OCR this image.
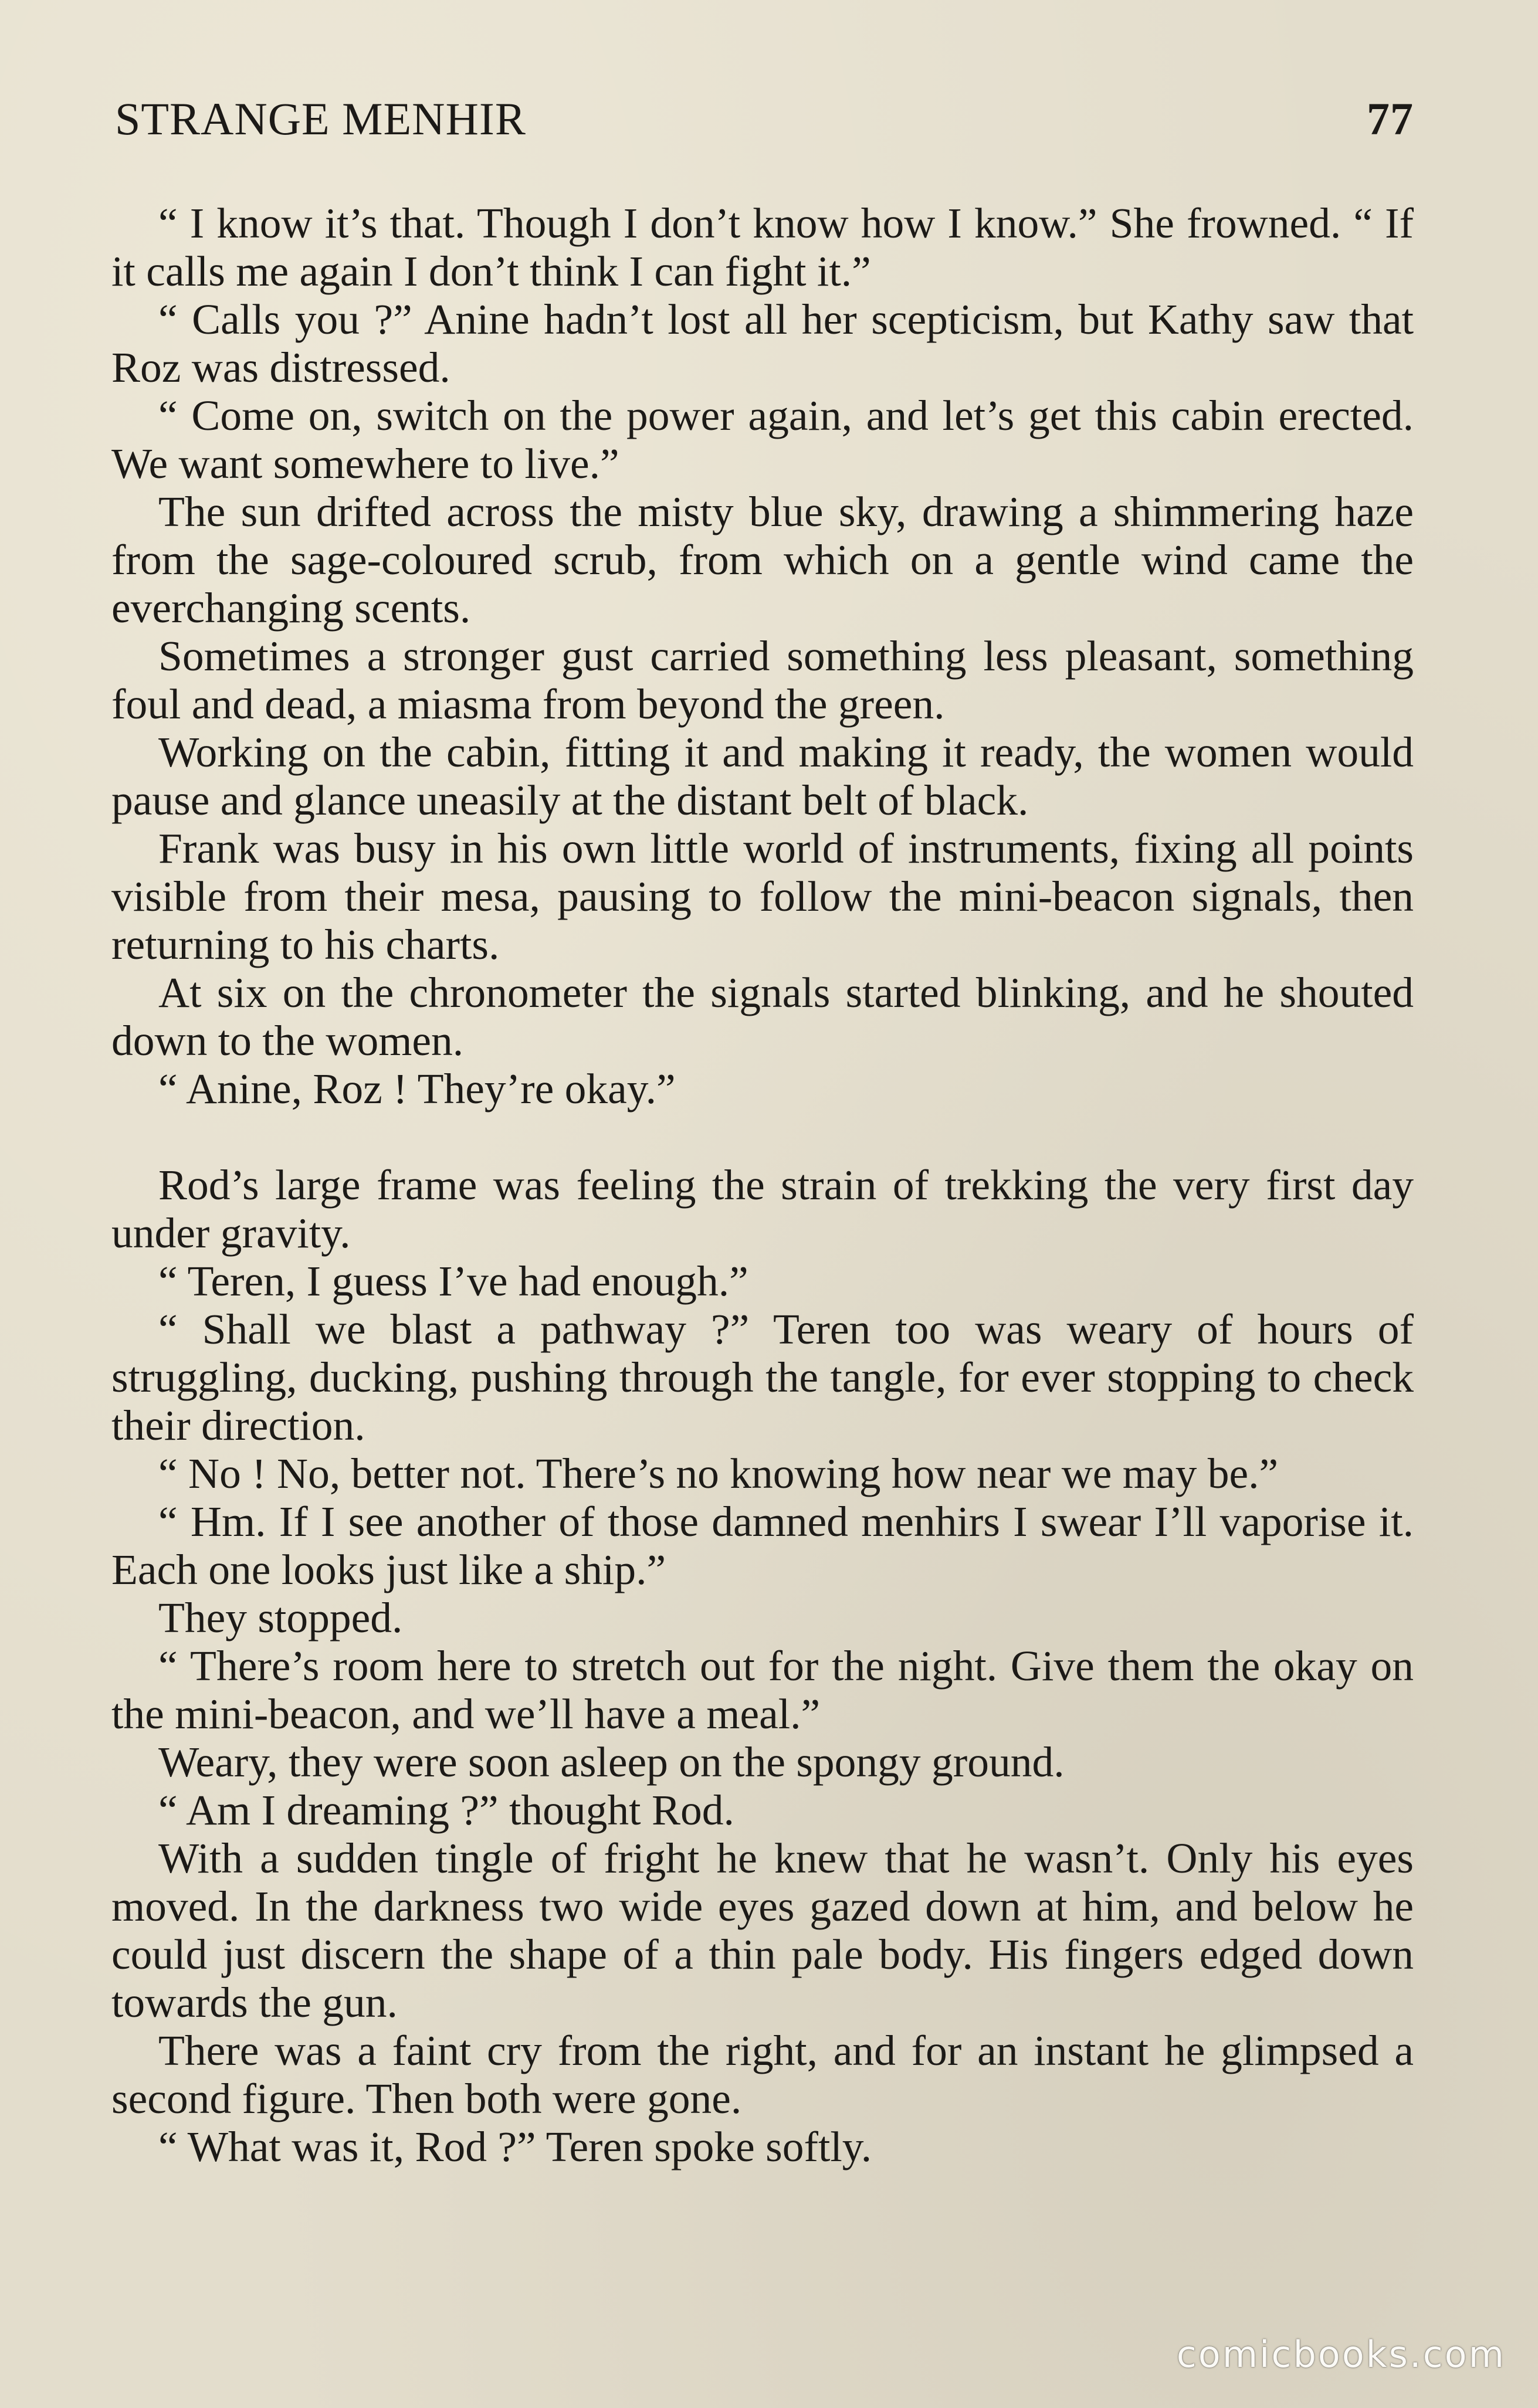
STRANGE MENHIR	77

“ I know it’s that. Though I don’t know how I know.” She frowned. “ If it calls me again I don’t think I can fight it.”

“ Calls you ?” Anine hadn’t lost all her scepticism, but Kathy saw that Roz was distressed.

“ Come on, switch on the power again, and let’s get this cabin erected. We want somewhere to live.”

The sun drifted across the misty blue sky, drawing a shimmering haze from the sage-coloured scrub, from which on a gentle wind came the everchanging scents.

Sometimes a stronger gust carried something less pleasant, something foul and dead, a miasma from beyond the green.

Working on the cabin, fitting it and making it ready, the women would pause and glance uneasily at the distant belt of black.

Frank was busy in his own little world of instruments, fixing all points visible from their mesa, pausing to follow the mini-beacon signals, then returning to his charts.

At six on the chronometer the signals started blinking, and he shouted down to the women.

“ Anine, Roz ! They’re okay.”

Rod’s large frame was feeling the strain of trekking the very first day under gravity.

“ Teren, I guess I’ve had enough.”

“ Shall we blast a pathway ?” Teren too was weary of hours of struggling, ducking, pushing through the tangle, for ever stopping to check their direction.

“ No ! No, better not. There’s no knowing how near we may be.”

“ Hm. If I see another of those damned menhirs I swear I’ll vaporise it. Each one looks just like a ship.”

They stopped.

“ There’s room here to stretch out for the night. Give them the okay on the mini-beacon, and we’ll have a meal.”

Weary, they were soon asleep on the spongy ground.

“ Am I dreaming ?” thought Rod.

With a sudden tingle of fright he knew that he wasn’t. Only his eyes moved. In the darkness two wide eyes gazed down at him, and below he could just discern the shape of a thin pale body. His fingers edged down towards the gun.

There was a faint cry from the right, and for an instant he glimpsed a second figure. Then both were gone.

“ What was it, Rod ?” Teren spoke softly.

comicbooks.com
